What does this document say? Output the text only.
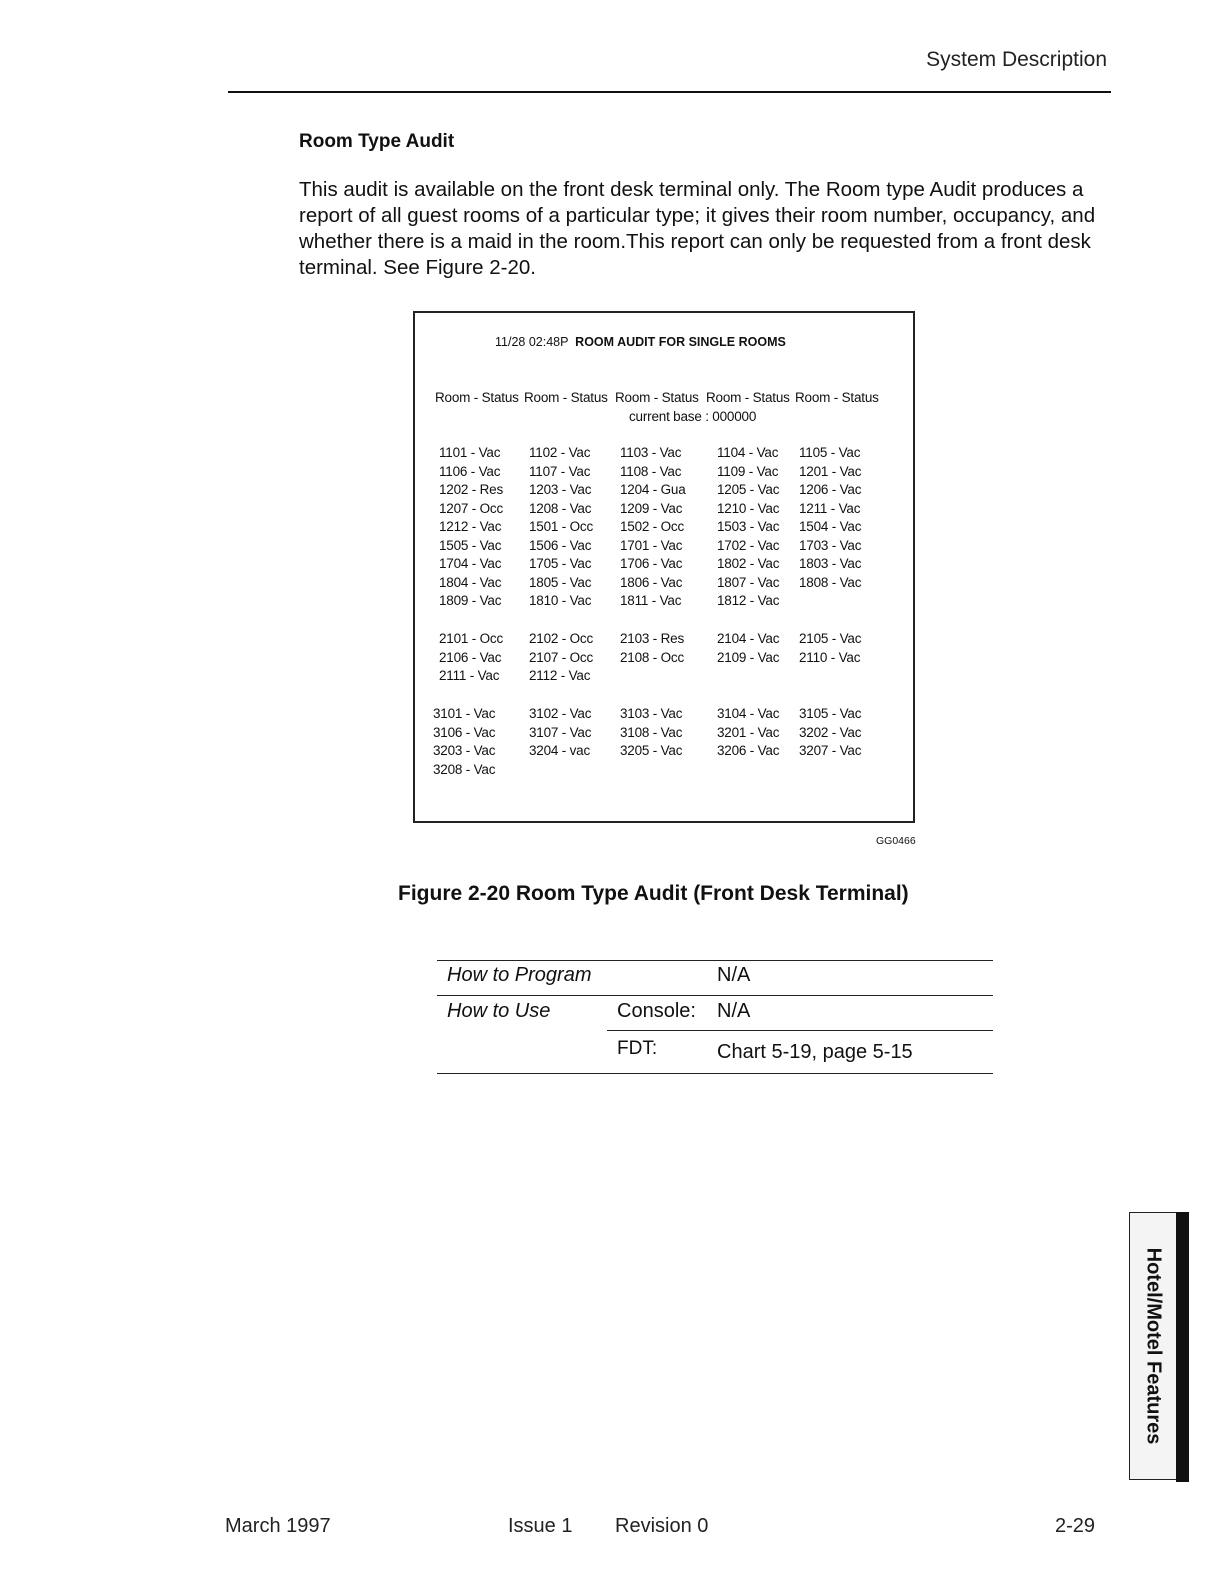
System Description
Room Type Audit
This audit is available on the front desk terminal only. The Room type Audit produces a report of all guest rooms of a particular type; it gives their room number, occupancy, and whether there is a maid in the room.This report can only be requested from a front desk terminal. See Figure 2-20.
11/28 02:48P ROOM AUDIT FOR SINGLE ROOMS
Room - Status Room - Status Room - Status Room - Status Room - Status
current base : 000000
1101 - Vac 1102 - Vac 1103 - Vac	1104 - Vac 1105 - Vac
1106 - Vac 1107 - Vac 1108 - Vac	1109 - Vac 1201 - Vac
1202 - Res 1203 - Vac 1204 - Gua 1205 - Vac 1206 - Vac
1207 - Occ 1208 - Vac 1209 - Vac	1210 - Vac 1211 - Vac
1212 - Vac 1501 - Occ 1502 - Occ 1503 - Vac 1504 - Vac
1505 - Vac 1506 - Vac 1701 - Vac	1702 - Vac 1703 - Vac
1704 - Vac 1705 - Vac 1706 - Vac	1802 - Vac 1803 - Vac
1804 - Vac 1805 - Vac 1806 - Vac	1807 - Vac 1808 - Vac
1809 - Vac 1810 - Vac 1811 - Vac	1812 - Vac
2101 - Occ 2102 - Occ 2103 - Res 2104 - Vac 2105 - Vac
2106 - Vac 2107 - Occ 2108 - Occ 2109 - Vac 2110 - Vac
2111 - Vac 2112 - Vac
3101 - Vac 3102 - Vac 3103 - Vac	3104 - Vac 3105 - Vac
3106 - Vac 3107 - Vac 3108 - Vac	3201 - Vac 3202 - Vac
3203 - Vac 3204 - vac 3205 - Vac	3206 - Vac 3207 - Vac
3208 - Vac
GG0466
Figure 2-20 Room Type Audit (Front Desk Terminal)
How to Program	N/A
How to Use	Console: N/A
FDT:	Chart 5-19, page 5-15
Hotel/Motel Features
March 1997	Issue 1 Revision 0	2-29
